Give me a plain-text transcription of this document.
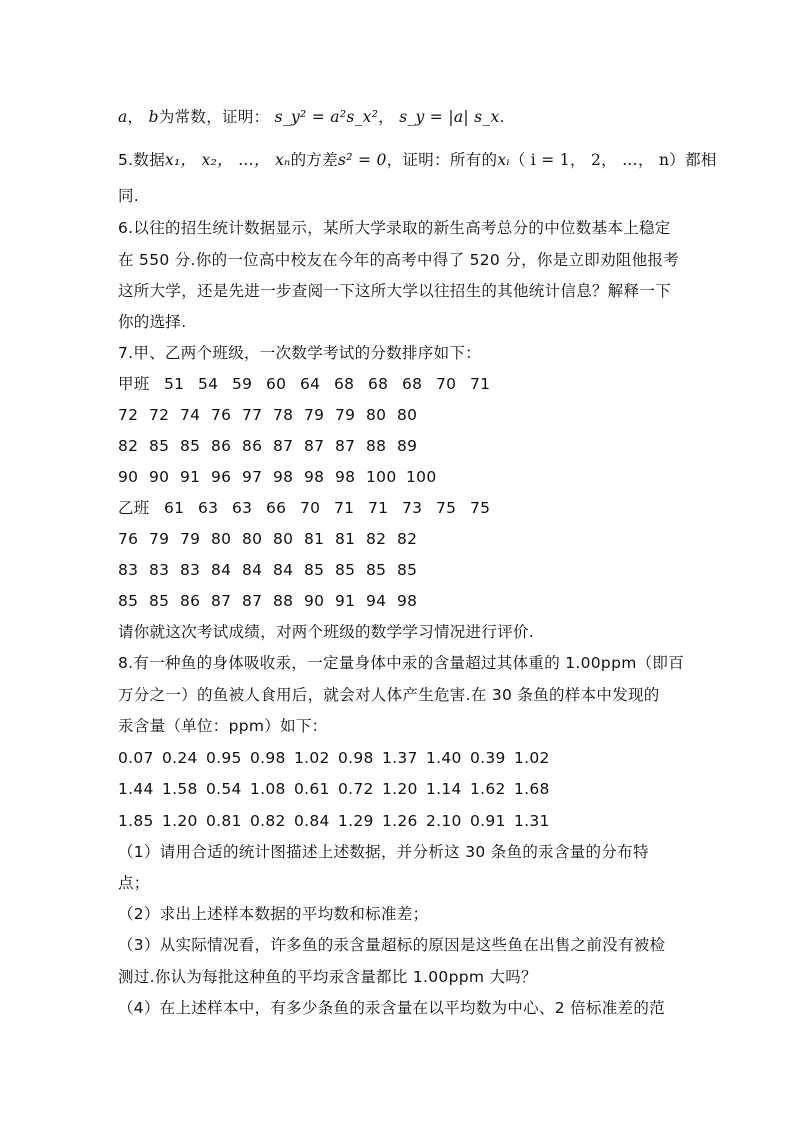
a， b为常数，证明： s_y² = a²s_x²， s_y = |a| s_x.
5.数据x₁， x₂， …， xₙ的方差s² = 0，证明：所有的xᵢ（ i = 1， 2， …， n）都相
同.
6.以往的招生统计数据显示，某所大学录取的新生高考总分的中位数基本上稳定
在 550 分.你的一位高中校友在今年的高考中得了 520 分，你是立即劝阻他报考
这所大学，还是先进一步查阅一下这所大学以往招生的其他统计信息？解释一下
你的选择.
7.甲、乙两个班级，一次数学考试的分数排序如下：
甲班 51 54 59 60 64 68 68 68 70 71
72 72 74 76 77 78 79 79 80 80
82 85 85 86 86 87 87 87 88 89
90 90 91 96 97 98 98 98 100 100
乙班 61 63 63 66 70 71 71 73 75 75
76 79 79 80 80 80 81 81 82 82
83 83 83 84 84 84 85 85 85 85
85 85 86 87 87 88 90 91 94 98
请你就这次考试成绩，对两个班级的数学学习情况进行评价.
8.有一种鱼的身体吸收汞，一定量身体中汞的含量超过其体重的 1.00ppm（即百
万分之一）的鱼被人食用后，就会对人体产生危害.在 30 条鱼的样本中发现的
汞含量（单位：ppm）如下：
0.07 0.24 0.95 0.98 1.02 0.98 1.37 1.40 0.39 1.02
1.44 1.58 0.54 1.08 0.61 0.72 1.20 1.14 1.62 1.68
1.85 1.20 0.81 0.82 0.84 1.29 1.26 2.10 0.91 1.31
（1）请用合适的统计图描述上述数据，并分析这 30 条鱼的汞含量的分布特
点；
（2）求出上述样本数据的平均数和标准差；
（3）从实际情况看，许多鱼的汞含量超标的原因是这些鱼在出售之前没有被检
测过.你认为每批这种鱼的平均汞含量都比 1.00ppm 大吗？
（4）在上述样本中，有多少条鱼的汞含量在以平均数为中心、2 倍标准差的范
